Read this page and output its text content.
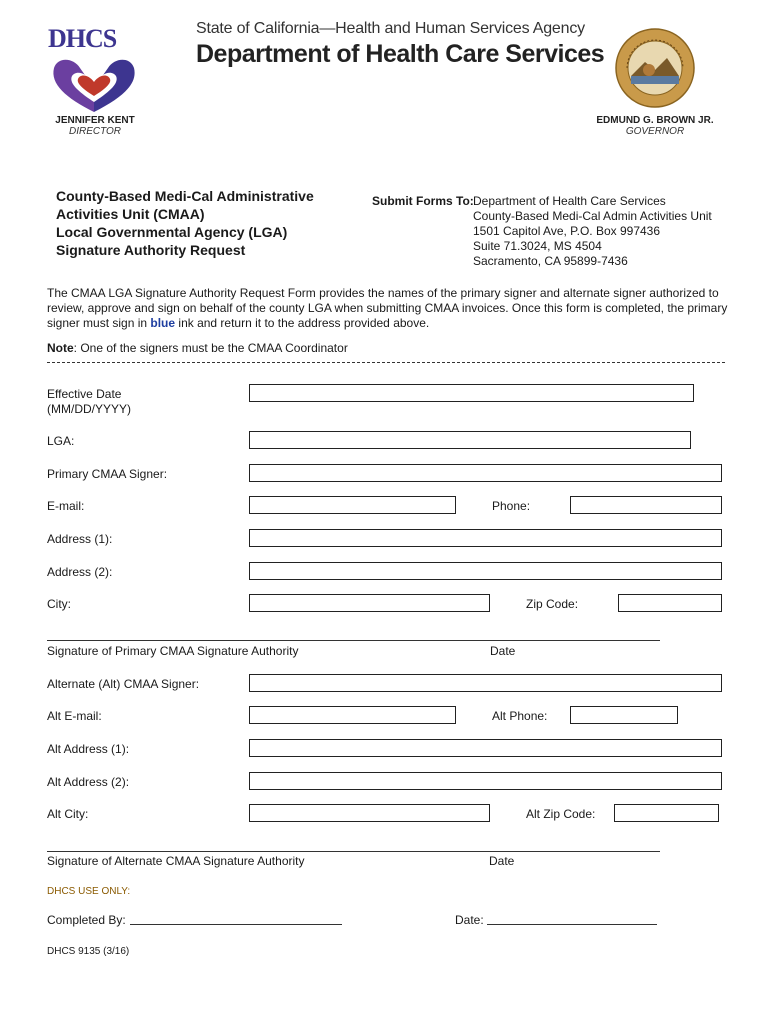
DHCS	State of California—Health and Human Services Agency
Department of Health Care Services
JENNIFER KENT
DIRECTOR
EDMUND G. BROWN JR.
GOVERNOR
County-Based Medi-Cal Administrative
Activities Unit (CMAA)
Local Governmental Agency (LGA)
Signature Authority Request
Submit Forms To: Department of Health Care Services
County-Based Medi-Cal Admin Activities Unit
1501 Capitol Ave, P.O. Box 997436
Suite 71.3024, MS 4504
Sacramento, CA 95899-7436
The CMAA LGA Signature Authority Request Form provides the names of the primary signer and alternate signer authorized to
review, approve and sign on behalf of the county LGA when submitting CMAA invoices. Once this form is completed, the primary
signer must sign in blue ink and return it to the address provided above.
Note: One of the signers must be the CMAA Coordinator
Effective Date
(MM/DD/YYYY)
LGA:
Primary CMAA Signer:
E-mail:	Phone:
Address (1):
Address (2):
City:	Zip Code:
Signature of Primary CMAA Signature Authority	Date
Alternate (Alt) CMAA Signer:
Alt E-mail:	Alt Phone:
Alt Address (1):
Alt Address (2):
Alt City:	Alt Zip Code:
Signature of Alternate CMAA Signature Authority	Date
DHCS USE ONLY:
Completed By:	Date:
DHCS 9135 (3/16)
